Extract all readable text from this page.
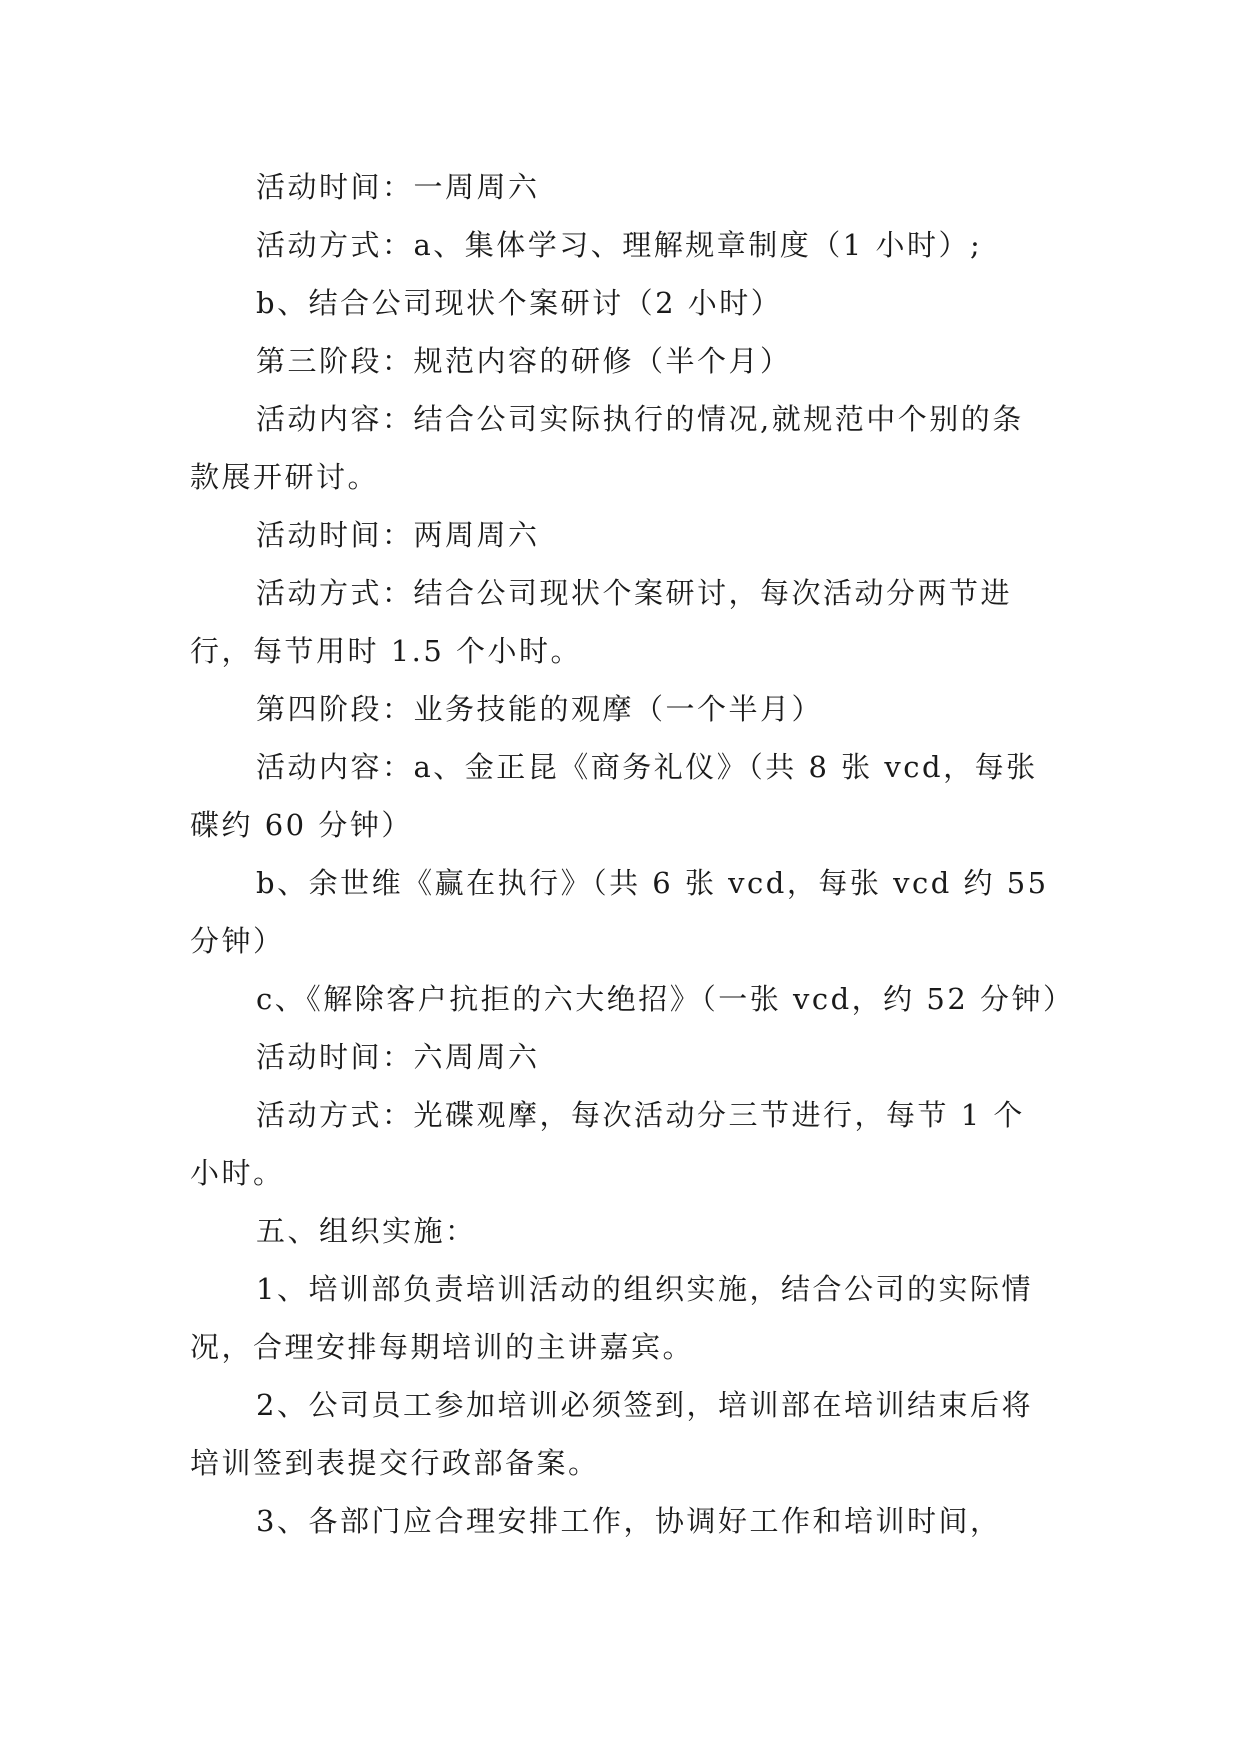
活动时间：一周周六

活动方式：a、集体学习、理解规章制度（1 小时）;

b、结合公司现状个案研讨（2 小时）

第三阶段：规范内容的研修（半个月）

活动内容：结合公司实际执行的情况,就规范中个别的条款展开研讨。

活动时间：两周周六

活动方式：结合公司现状个案研讨，每次活动分两节进行，每节用时 1.5 个小时。

第四阶段：业务技能的观摩（一个半月）

活动内容：a、金正昆《商务礼仪》（共 8 张 vcd，每张碟约 60 分钟）

b、余世维《赢在执行》（共 6 张 vcd，每张 vcd 约 55 分钟）

c、《解除客户抗拒的六大绝招》（一张 vcd，约 52 分钟）

活动时间：六周周六

活动方式：光碟观摩，每次活动分三节进行，每节 1 个小时。

五、组织实施：

1、培训部负责培训活动的组织实施，结合公司的实际情况，合理安排每期培训的主讲嘉宾。

2、公司员工参加培训必须签到，培训部在培训结束后将培训签到表提交行政部备案。

3、各部门应合理安排工作，协调好工作和培训时间，
